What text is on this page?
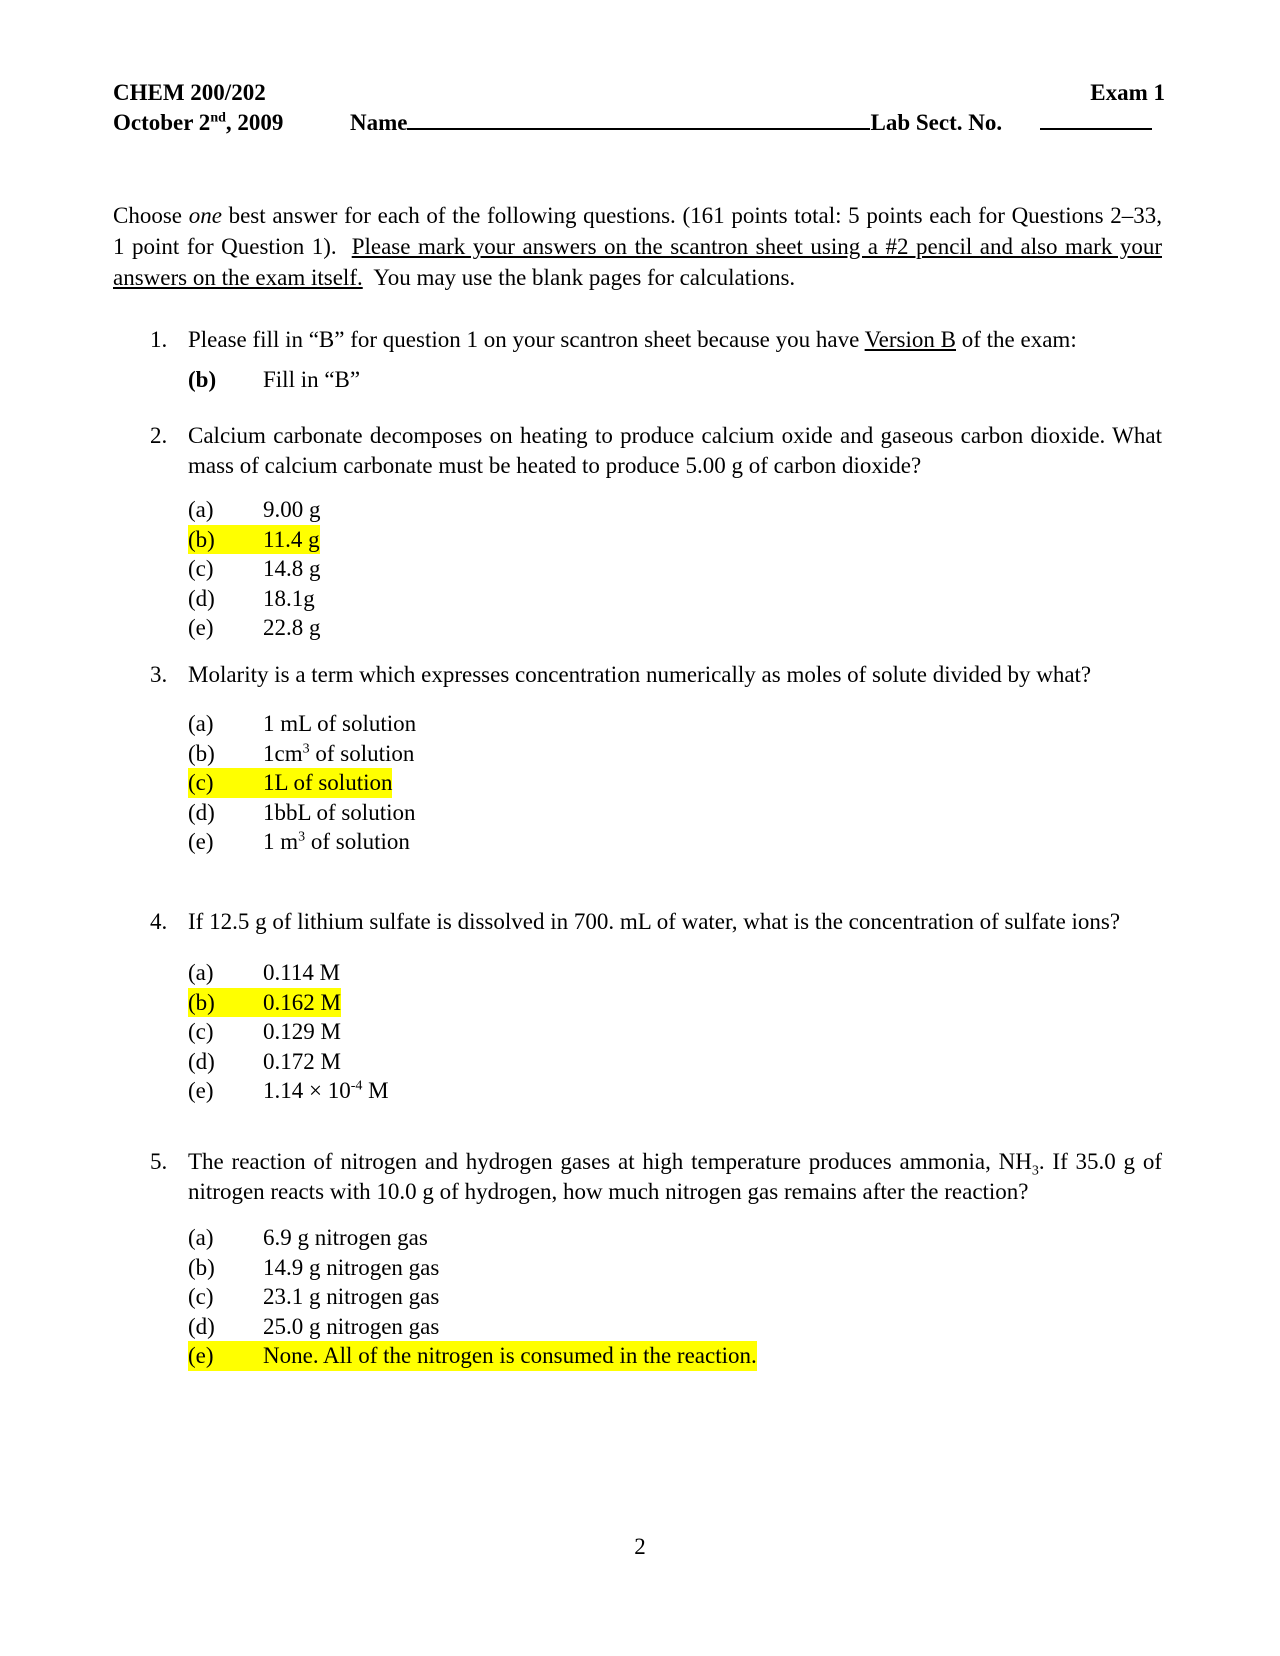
CHEM 200/202	Exam 1
October 2nd, 2009	Name	Lab Sect. No.
Choose one best answer for each of the following questions. (161 points total: 5 points each for Questions 2–33, 1 point for Question 1). Please mark your answers on the scantron sheet using a #2 pencil and also mark your answers on the exam itself. You may use the blank pages for calculations.
1. Please fill in “B” for question 1 on your scantron sheet because you have Version B of the exam:
(b) Fill in “B”
2. Calcium carbonate decomposes on heating to produce calcium oxide and gaseous carbon dioxide. What mass of calcium carbonate must be heated to produce 5.00 g of carbon dioxide?
(a) 9.00 g
(b) 11.4 g
(c) 14.8 g
(d) 18.1g
(e) 22.8 g
3. Molarity is a term which expresses concentration numerically as moles of solute divided by what?
(a) 1 mL of solution
(b) $1cm^3$ of solution
(c) 1L of solution
(d) 1bbL of solution
(e) 1 $m^3$ of solution
4. If 12.5 g of lithium sulfate is dissolved in 700. mL of water, what is the concentration of sulfate ions?
(a) 0.114 M
(b) 0.162 M
(c) 0.129 M
(d) 0.172 M
(e) $1.14 \times 10^{-4}$ M
5. The reaction of nitrogen and hydrogen gases at high temperature produces ammonia, $NH_3$. If 35.0 g of nitrogen reacts with 10.0 g of hydrogen, how much nitrogen gas remains after the reaction?
(a) 6.9 g nitrogen gas
(b) 14.9 g nitrogen gas
(c) 23.1 g nitrogen gas
(d) 25.0 g nitrogen gas
(e) None. All of the nitrogen is consumed in the reaction.
2
